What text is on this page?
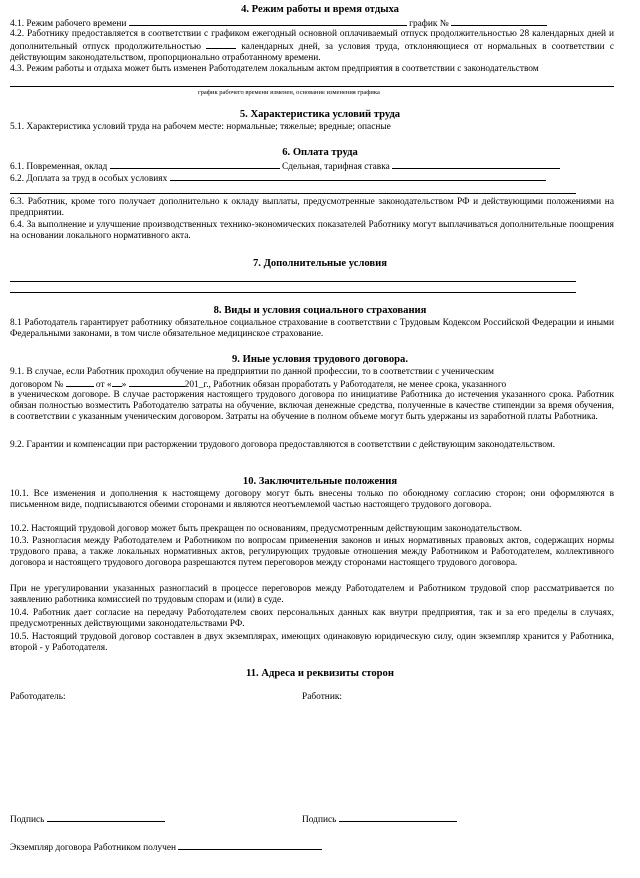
4. Режим работы и время отдыха
4.1. Режим рабочего времени	график №
4.2. Работнику предоставляется в соответствии с графиком ежегодный основной оплачиваемый отпуск продолжительностью 28 календарных дней и дополнительный отпуск продолжительностью	календарных дней, за условия труда, отклоняющиеся от нормальных в соответствии с действующим законодательством, пропорционально отработанному времени.
4.3. Режим работы и отдыха может быть изменен Работодателем локальным актом предприятия в соответствии с законодательством
график рабочего времени изменен, основание изменения графика
5. Характеристика условий труда
5.1. Характеристика условий труда на рабочем месте: нормальные; тяжелые; вредные; опасные
6. Оплата труда
6.1. Повременная, оклад	Сдельная, тарифная ставка
6.2. Доплата за труд в особых условиях
6.3. Работник, кроме того получает дополнительно к окладу выплаты, предусмотренные законодательством РФ и действующими положениями на предприятии.
6.4. За выполнение и улучшение производственных технико-экономических показателей Работнику могут выплачиваться дополнительные поощрения на основании локального нормативного акта.
7. Дополнительные условия
8. Виды и условия социального страхования
8.1 Работодатель гарантирует работнику обязательное социальное страхование в соответствии с Трудовым Кодексом Российской Федерации и иными Федеральными законами, в том числе обязательное медицинское страхование.
9. Иные условия трудового договора.
9.1. В случае, если Работник проходил обучение на предприятии по данной профессии, то в соответствии с ученическим
договором №	от « »	201_г., Работник обязан проработать у Работодателя, не менее срока, указанного
в ученическом договоре. В случае расторжения настоящего трудового договора по инициативе Работника до истечения указанного срока. Работник обязан полностью возместить Работодателю затраты на обучение, включая денежные средства, полученные в качестве стипендии за время обучения, в соответствии с указанным ученическим договором. Затраты на обучение в полном объеме могут быть удержаны из заработной платы Работника.
9.2. Гарантии и компенсации при расторжении трудового договора предоставляются в соответствии с действующим законодательством.
10. Заключительные положения
10.1. Все изменения и дополнения к настоящему договору могут быть внесены только по обоюдному согласию сторон; они оформляются в письменном виде, подписываются обеими сторонами и являются неотъемлемой частью настоящего трудового договора.
10.2. Настоящий трудовой договор может быть прекращен по основаниям, предусмотренным действующим законодательством.
10.3. Разногласия между Работодателем и Работником по вопросам применения законов и иных нормативных правовых актов, содержащих нормы трудового права, а также локальных нормативных актов, регулирующих трудовые отношения между Работником и Работодателем, коллективного договора и настоящего трудового договора разрешаются путем переговоров между сторонами настоящего трудового договора.
При не урегулировании указанных разногласий в процессе переговоров между Работодателем и Работником трудовой спор рассматривается по заявлению работника комиссией по трудовым спорам и (или) в суде.
10.4. Работник дает согласие на передачу Работодателем своих персональных данных как внутри предприятия, так и за его пределы в случаях, предусмотренных действующими законодательствами РФ.
10.5. Настоящий трудовой договор составлен в двух экземплярах, имеющих одинаковую юридическую силу, один экземпляр хранится у Работника, второй - у Работодателя.
11. Адреса и реквизиты сторон
Работодатель:	Работник:
Подпись	Подпись
Экземпляр договора Работником получен
